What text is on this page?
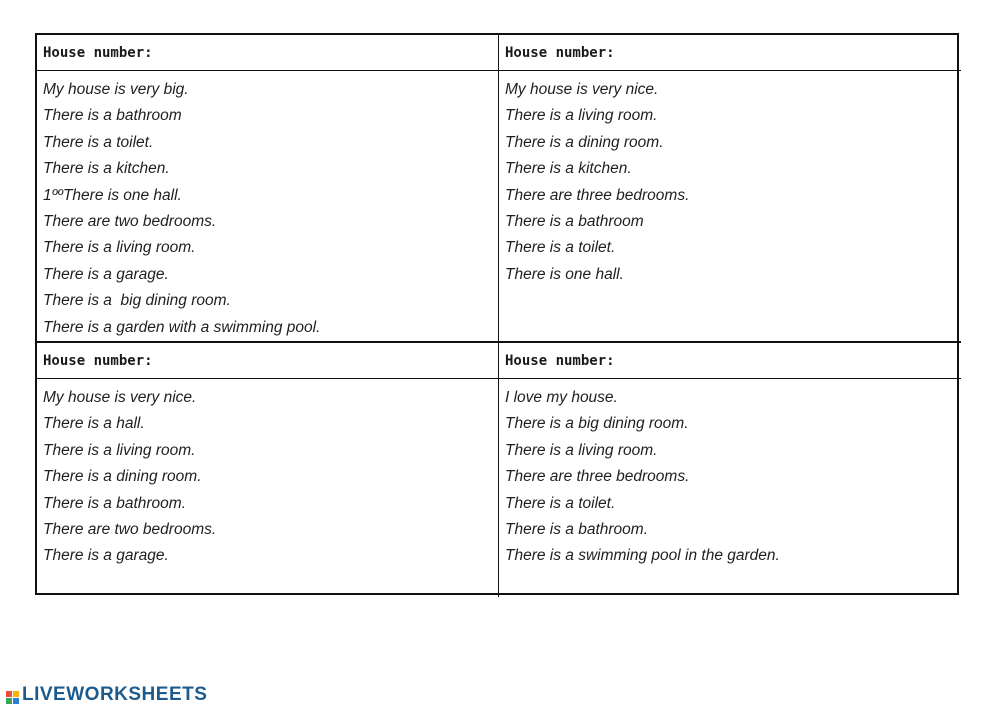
House number:
My house is very big.
There is a bathroom
There is a toilet.
There is a kitchen.
1ººThere is one hall.
There are two bedrooms.
There is a living room.
There is a garage.
There is a  big dining room.
There is a garden with a swimming pool.
House number:
My house is very nice.
There is a living room.
There is a dining room.
There is a kitchen.
There are three bedrooms.
There is a bathroom
There is a toilet.
There is one hall.
House number:
My house is very nice.
There is a hall.
There is a living room.
There is a dining room.
There is a bathroom.
There are two bedrooms.
There is a garage.
House number:
I love my house.
There is a big dining room.
There is a living room.
There are three bedrooms.
There is a toilet.
There is a bathroom.
There is a swimming pool in the garden.
LIVEWORKSHEETS
